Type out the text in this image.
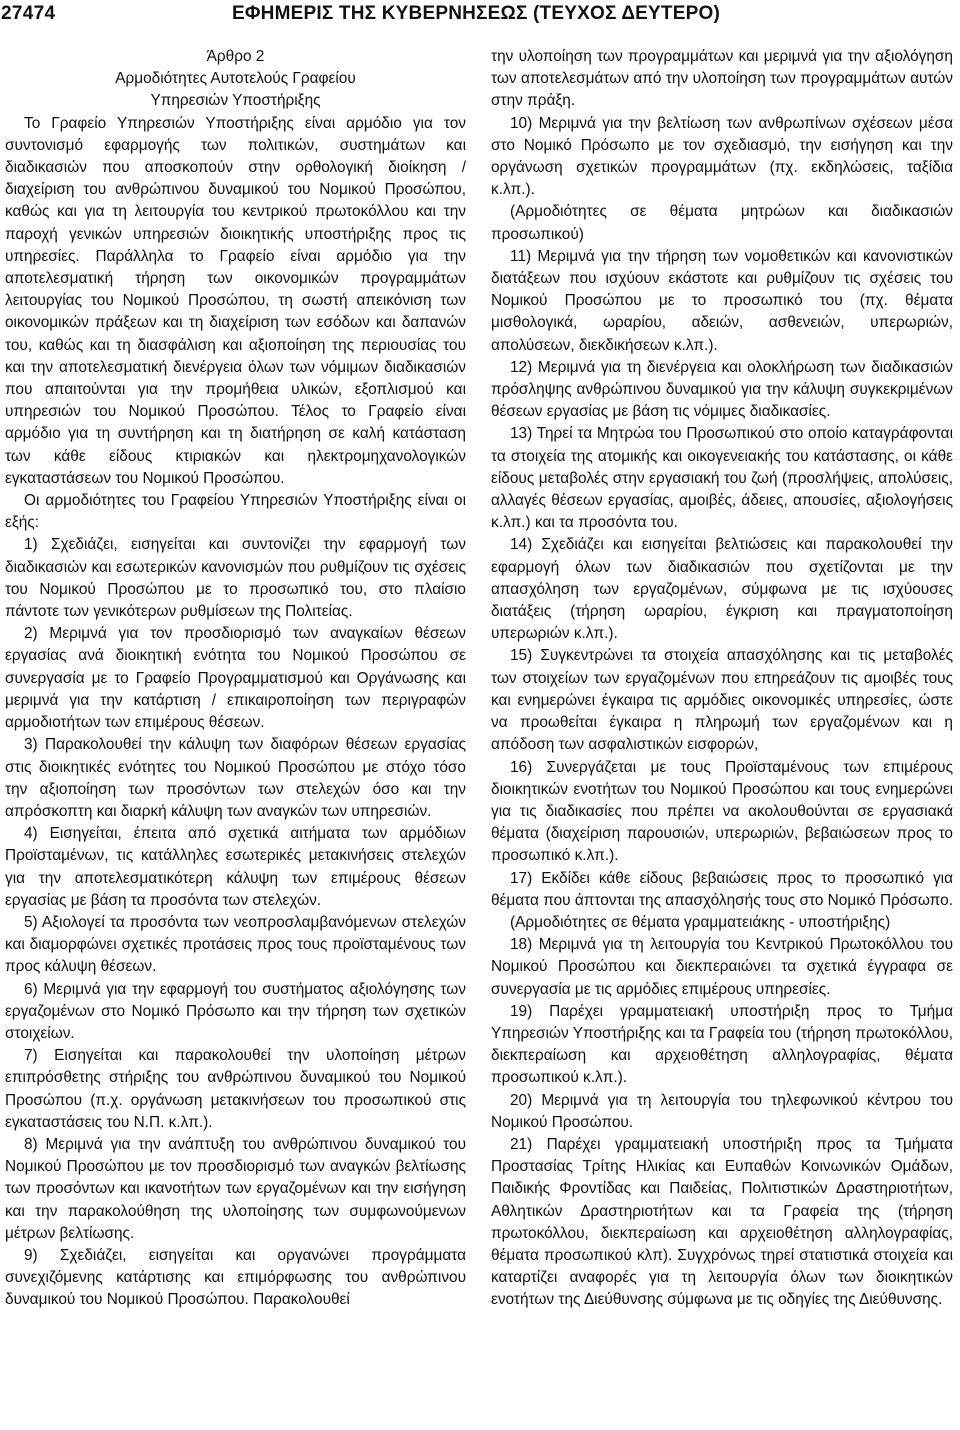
27474	ΕΦΗΜΕΡΙΣ ΤΗΣ ΚΥΒΕΡΝΗΣΕΩΣ (ΤΕΥΧΟΣ ΔΕΥΤΕΡΟ)

Άρθρο 2

Αρμοδιότητες Αυτοτελούς Γραφείου

Υπηρεσιών Υποστήριξης

Το Γραφείο Υπηρεσιών Υποστήριξης είναι αρμόδιο για τον συντονισμό εφαρμογής των πολιτικών, συστημάτων και διαδικασιών που αποσκοπούν στην ορθολογική διοίκηση / διαχείριση του ανθρώπινου δυναμικού του Νομικού Προσώπου, καθώς και για τη λειτουργία του κεντρικού πρωτοκόλλου και την παροχή γενικών υπηρεσιών διοικητικής υποστήριξης προς τις υπηρεσίες. Παράλληλα το Γραφείο είναι αρμόδιο για την αποτελεσματική τήρηση των οικονομικών προγραμμάτων λειτουργίας του Νομικού Προσώπου, τη σωστή απεικόνιση των οικονομικών πράξεων και τη διαχείριση των εσόδων και δαπανών του, καθώς και τη διασφάλιση και αξιοποίηση της περιουσίας του και την αποτελεσματική διενέργεια όλων των νόμιμων διαδικασιών που απαιτούνται για την προμήθεια υλικών, εξοπλισμού και υπηρεσιών του Νομικού Προσώπου. Τέλος το Γραφείο είναι αρμόδιο για τη συντήρηση και τη διατήρηση σε καλή κατάσταση των κάθε είδους κτιριακών και ηλεκτρομηχανολογικών εγκαταστάσεων του Νομικού Προσώπου.

Οι αρμοδιότητες του Γραφείου Υπηρεσιών Υποστήριξης είναι οι εξής:

1) Σχεδιάζει, εισηγείται και συντονίζει την εφαρμογή των διαδικασιών και εσωτερικών κανονισμών που ρυθμίζουν τις σχέσεις του Νομικού Προσώπου με το προσωπικό του, στο πλαίσιο πάντοτε των γενικότερων ρυθμίσεων της Πολιτείας.

2) Μεριμνά για τον προσδιορισμό των αναγκαίων θέσεων εργασίας ανά διοικητική ενότητα του Νομικού Προσώπου σε συνεργασία με το Γραφείο Προγραμματισμού και Οργάνωσης και μεριμνά για την κατάρτιση / επικαιροποίηση των περιγραφών αρμοδιοτήτων των επιμέρους θέσεων.

3) Παρακολουθεί την κάλυψη των διαφόρων θέσεων εργασίας στις διοικητικές ενότητες του Νομικού Προσώπου με στόχο τόσο την αξιοποίηση των προσόντων των στελεχών όσο και την απρόσκοπτη και διαρκή κάλυψη των αναγκών των υπηρεσιών.

4) Εισηγείται, έπειτα από σχετικά αιτήματα των αρμόδιων Προϊσταμένων, τις κατάλληλες εσωτερικές μετακινήσεις στελεχών για την αποτελεσματικότερη κάλυψη των επιμέρους θέσεων εργασίας με βάση τα προσόντα των στελεχών.

5) Αξιολογεί τα προσόντα των νεοπροσλαμβανόμενων στελεχών και διαμορφώνει σχετικές προτάσεις προς τους προϊσταμένους των προς κάλυψη θέσεων.

6) Μεριμνά για την εφαρμογή του συστήματος αξιολόγησης των εργαζομένων στο Νομικό Πρόσωπο και την τήρηση των σχετικών στοιχείων.

7) Εισηγείται και παρακολουθεί την υλοποίηση μέτρων επιπρόσθετης στήριξης του ανθρώπινου δυναμικού του Νομικού Προσώπου (π.χ. οργάνωση μετακινήσεων του προσωπικού στις εγκαταστάσεις του Ν.Π. κ.λπ.).

8) Μεριμνά για την ανάπτυξη του ανθρώπινου δυναμικού του Νομικού Προσώπου με τον προσδιορισμό των αναγκών βελτίωσης των προσόντων και ικανοτήτων των εργαζομένων και την εισήγηση και την παρακολούθηση της υλοποίησης των συμφωνούμενων μέτρων βελτίωσης.

9) Σχεδιάζει, εισηγείται και οργανώνει προγράμματα συνεχιζόμενης κατάρτισης και επιμόρφωσης του ανθρώπινου δυναμικού του Νομικού Προσώπου. Παρακολουθεί

την υλοποίηση των προγραμμάτων και μεριμνά για την αξιολόγηση των αποτελεσμάτων από την υλοποίηση των προγραμμάτων αυτών στην πράξη.

10) Μεριμνά για την βελτίωση των ανθρωπίνων σχέσεων μέσα στο Νομικό Πρόσωπο με τον σχεδιασμό, την εισήγηση και την οργάνωση σχετικών προγραμμάτων (πχ. εκδηλώσεις, ταξίδια κ.λπ.).

(Αρμοδιότητες σε θέματα μητρώων και διαδικασιών προσωπικού)

11) Μεριμνά για την τήρηση των νομοθετικών και κανονιστικών διατάξεων που ισχύουν εκάστοτε και ρυθμίζουν τις σχέσεις του Νομικού Προσώπου με το προσωπικό του (πχ. θέματα μισθολογικά, ωραρίου, αδειών, ασθενειών, υπερωριών, απολύσεων, διεκδικήσεων κ.λπ.).

12) Μεριμνά για τη διενέργεια και ολοκλήρωση των διαδικασιών πρόσληψης ανθρώπινου δυναμικού για την κάλυψη συγκεκριμένων θέσεων εργασίας με βάση τις νόμιμες διαδικασίες.

13) Τηρεί τα Μητρώα του Προσωπικού στο οποίο καταγράφονται τα στοιχεία της ατομικής και οικογενειακής του κατάστασης, οι κάθε είδους μεταβολές στην εργασιακή του ζωή (προσλήψεις, απολύσεις, αλλαγές θέσεων εργασίας, αμοιβές, άδειες, απουσίες, αξιολογήσεις κ.λπ.) και τα προσόντα του.

14) Σχεδιάζει και εισηγείται βελτιώσεις και παρακολουθεί την εφαρμογή όλων των διαδικασιών που σχετίζονται με την απασχόληση των εργαζομένων, σύμφωνα με τις ισχύουσες διατάξεις (τήρηση ωραρίου, έγκριση και πραγματοποίηση υπερωριών κ.λπ.).

15) Συγκεντρώνει τα στοιχεία απασχόλησης και τις μεταβολές των στοιχείων των εργαζομένων που επηρεάζουν τις αμοιβές τους και ενημερώνει έγκαιρα τις αρμόδιες οικονομικές υπηρεσίες, ώστε να προωθείται έγκαιρα η πληρωμή των εργαζομένων και η απόδοση των ασφαλιστικών εισφορών,

16) Συνεργάζεται με τους Προϊσταμένους των επιμέρους διοικητικών ενοτήτων του Νομικού Προσώπου και τους ενημερώνει για τις διαδικασίες που πρέπει να ακολουθούνται σε εργασιακά θέματα (διαχείριση παρουσιών, υπερωριών, βεβαιώσεων προς το προσωπικό κ.λπ.).

17) Εκδίδει κάθε είδους βεβαιώσεις προς το προσωπικό για θέματα που άπτονται της απασχόλησής τους στο Νομικό Πρόσωπο.

(Αρμοδιότητες σε θέματα γραμματειάκης - υποστήριξης)

18) Μεριμνά για τη λειτουργία του Κεντρικού Πρωτοκόλλου του Νομικού Προσώπου και διεκπεραιώνει τα σχετικά έγγραφα σε συνεργασία με τις αρμόδιες επιμέρους υπηρεσίες.

19) Παρέχει γραμματειακή υποστήριξη προς το Τμήμα Υπηρεσιών Υποστήριξης και τα Γραφεία του (τήρηση πρωτοκόλλου, διεκπεραίωση και αρχειοθέτηση αλληλογραφίας, θέματα προσωπικού κ.λπ.).

20) Μεριμνά για τη λειτουργία του τηλεφωνικού κέντρου του Νομικού Προσώπου.

21) Παρέχει γραμματειακή υποστήριξη προς τα Τμήματα Προστασίας Τρίτης Ηλικίας και Ευπαθών Κοινωνικών Ομάδων, Παιδικής Φροντίδας και Παιδείας, Πολιτιστικών Δραστηριοτήτων, Αθλητικών Δραστηριοτήτων και τα Γραφεία της (τήρηση πρωτοκόλλου, διεκπεραίωση και αρχειοθέτηση αλληλογραφίας, θέματα προσωπικού κλπ). Συγχρόνως τηρεί στατιστικά στοιχεία και καταρτίζει αναφορές για τη λειτουργία όλων των διοικητικών ενοτήτων της Διεύθυνσης σύμφωνα με τις οδηγίες της Διεύθυνσης.
